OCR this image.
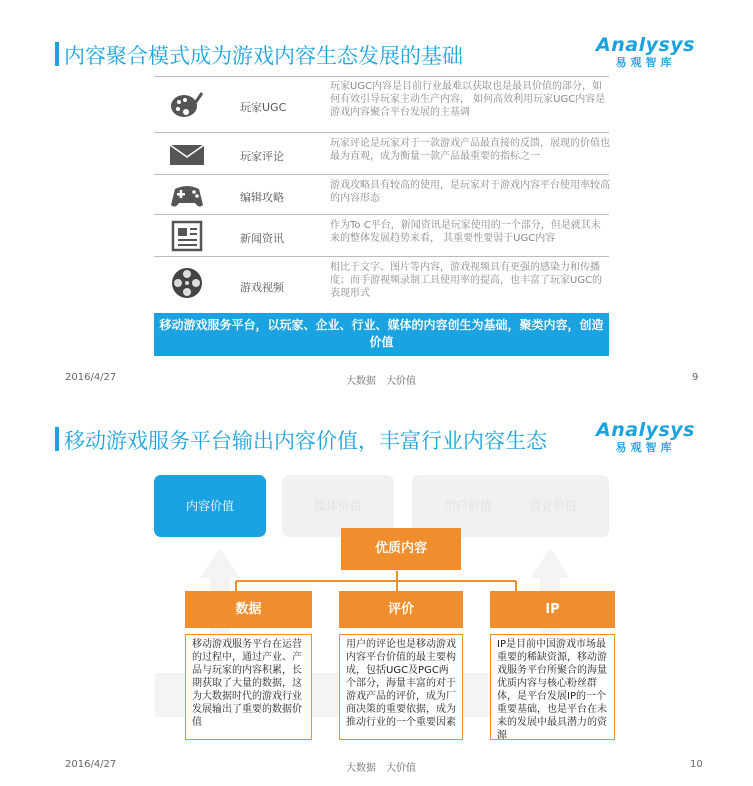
内容聚合模式成为游戏内容生态发展的基础	Analysys
易观智库
玩家UGC
玩家UGC内容是目前行业最难以获取也是最具价值的部分，如何有效引导玩家主动生产内容， 如何高效利用玩家UGC内容是游戏内容聚合平台发展的主基调
玩家评论
玩家评论是玩家对于一款游戏产品最直接的反馈，展现的价值也最为直观，成为衡量一款产品最重要的指标之一
编辑攻略
游戏攻略具有较高的使用，是玩家对于游戏内容平台使用率较高的内容形态
新闻资讯
作为To C平台，新闻资讯是玩家使用的一个部分，但是就其未来的整体发展趋势来看， 其重要性要弱于UGC内容
游戏视频
相比于文字、图片等内容，游戏视频具有更强的感染力和传播度；而手游视频录制工具使用率的提高，也丰富了玩家UGC的表现形式
移动游戏服务平台，以玩家、企业、行业、媒体的内容创生为基础，聚类内容，创造价值
2016/4/27	大数据　大价值	9
移动游戏服务平台输出内容价值，丰富行业内容生态	Analysys
易观智库
内容价值	媒体价值	用户价值	商业价值
优质内容
数据	评价	IP
移动游戏服务平台在运营的过程中，通过产业、产品与玩家的内容积累，长期获取了大量的数据，这为大数据时代的游戏行业发展输出了重要的数据价值
用户的评论也是移动游戏内容平台价值的最主要构成，包括UGC及PGC两个部分，海量丰富的对于游戏产品的评价，成为厂商决策的重要依据，成为推动行业的一个重要因素
IP是目前中国游戏市场最重要的稀缺资源，移动游戏服务平台所聚合的海量优质内容与核心粉丝群体，是平台发展IP的一个重要基础，也是平台在未来的发展中最具潜力的资源
2016/4/27	大数据　大价值	10
